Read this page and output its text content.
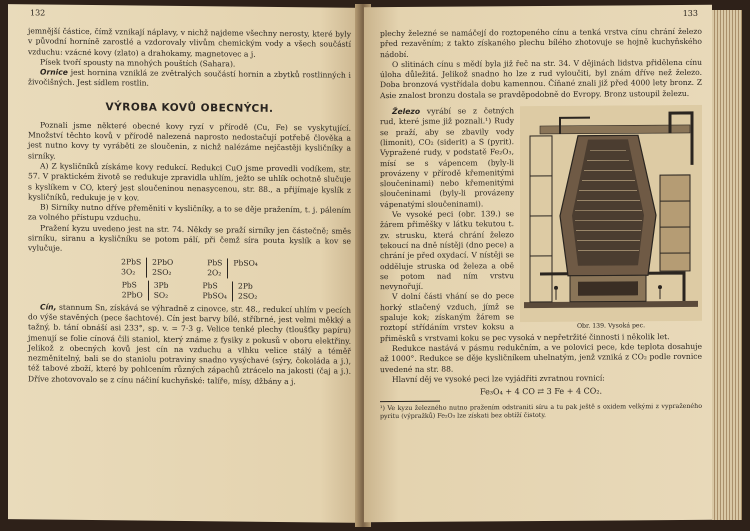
132

jemnější částice, čímž vznikají náplavy, v nichž najdeme všechny nerosty, které byly v původní horníně zarostlé a vzdorovaly vlivům chemickým vody a všech součástí vzduchu: vzácné kovy (zlato) a drahokamy, magnetovec a j.

Písek tvoří spousty na mnohých pouštích (Sahara).

Ornice jest hornina vzniklá ze zvětralých součástí hornin a zbytků rostlinných i živočišných. Jest sídlem rostlin.

VÝROBA KOVŮ OBECNÝCH.

Poznali jsme některé obecné kovy ryzí v přírodě (Cu, Fe) se vyskytující. Množství těchto kovů v přírodě nalezená naprosto nedostačují potřebě člověka a jest nutno kovy ty vyráběti ze sloučenin, z nichž nalézáme nejčastěji kysličníky a sirníky.

A) Z kysličníků získáme kovy redukcí. Redukci CuO jsme provedli vodíkem, str. 57. V praktickém životě se redukuje zpravidla uhlím, ježto se uhlík ochotně slučuje s kyslíkem v CO, který jest sloučeninou nenasycenou, str. 88., a přijímaje kyslík z kysličníků, redukuje je v kov.

B) Sirníky nutno dříve přeměniti v kysličníky, a to se děje pražením, t. j. pálením za volného přístupu vzduchu.

Pražení kyzu uvedeno jest na str. 74. Někdy se praží sirníky jen částečně; směs sirníku, siranu a kysličníku se potom pálí, při čemž síra pouta kyslík a kov se vylučuje.

2PbS
3O₂
2PbO
2SO₂
PbS
2O₂
PbSO₄
PbS
2PbO
3Pb
SO₂
PbS
PbSO₄
2Pb
2SO₂

Cín, stannum Sn, získává se výhradně z cinovce, str. 48., redukcí uhlím v pecích do výše stavěných (pece šachtové). Cín jest barvy bílé, stříbrné, jest velmi měkký a tažný, b. tání obnáší asi 233°, sp. v. = 7·3 g. Velice tenké plechy (tloušťky papíru) jmenují se folie cínová čili staniol, který známe z fysiky z pokusů v oboru elektřiny. Jelikož z obecných kovů jest cín na vzduchu a vlhku velice stálý a téměř nezměnitelný, bali se do staniolu potraviny snadno vysýchavé (sýry, čokoláda a j.), též tabové zboží, které by pohlcením různých zápachů ztrácelo na jakosti (čaj a j.). Dříve zhotovovalo se z cínu náčiní kuchyňské: talíře, mísy, džbány a j.

133

plechy železné se namáčejí do roztopeného cínu a tenká vrstva cínu chrání železo před rezavěním; z takto získaného plechu bílého zhotovuje se hojně kuchyňského nádobí.

O slitinách cínu s mědí byla již řeč na str. 34. V dějinách lidstva přidělena cínu úloha důležitá. Jelikož snadno ho lze z rud vyloučiti, byl znám dříve než železo. Doba bronzová vystřídala dobu kamennou. Číňané znali již před 4000 lety bronz. Z Asie znalost bronzu dostala se pravděpodobně do Evropy. Bronz ustoupil železu.

Obr. 139. Vysoká pec.

Železo vyrábí se z četných rud, které jsme již poznali.¹) Rudy se praží, aby se zbavily vody (limonit), CO₂ (siderit) a S (pyrit). Vypražené rudy, v podstatě Fe₂O₃, mísí se s vápencem (byly-li provázeny v přírodě křemenitými sloučeninami) nebo křemenitými sloučeninami (byly-li provázeny vápenatými sloučeninami).

Ve vysoké peci (obr. 139.) se žárem přiměšky v látku tekutou t. zv. strusku, která chrání železo tekoucí na dně nístěji (dno pece) a chrání je před oxydací. V nístěji se odděluje struska od železa a obě se potom nad ním vrstvu nevynořují.

V dolní části vhání se do pece horký stlačený vzduch, jímž se spaluje kok; získaným žárem se roztopí střídáním vrstev koksu a přiměsků s vrstvami koku se pec vysoká v nepřetržité činnosti i několik let.

Redukce nastává v pásmu redukčním, a ve polovici pece, kde teplota dosahuje až 1000°. Redukce se děje kysličníkem uhelnatým, jenž vzniká z CO₂ podle rovnice uvedené na str. 88.

Hlavní děj ve vysoké peci lze vyjádřiti zvratnou rovnicí:

Fe₃O₄ + 4 CO ⇄ 3 Fe + 4 CO₂.

¹) Ve kyzu železného nutno pražením odstraniti síru a tu pak ještě s oxidem velkými z vypraženého pyritu (výpražků) Fe₂O₃ lze získati bez obtíží čistoty.
